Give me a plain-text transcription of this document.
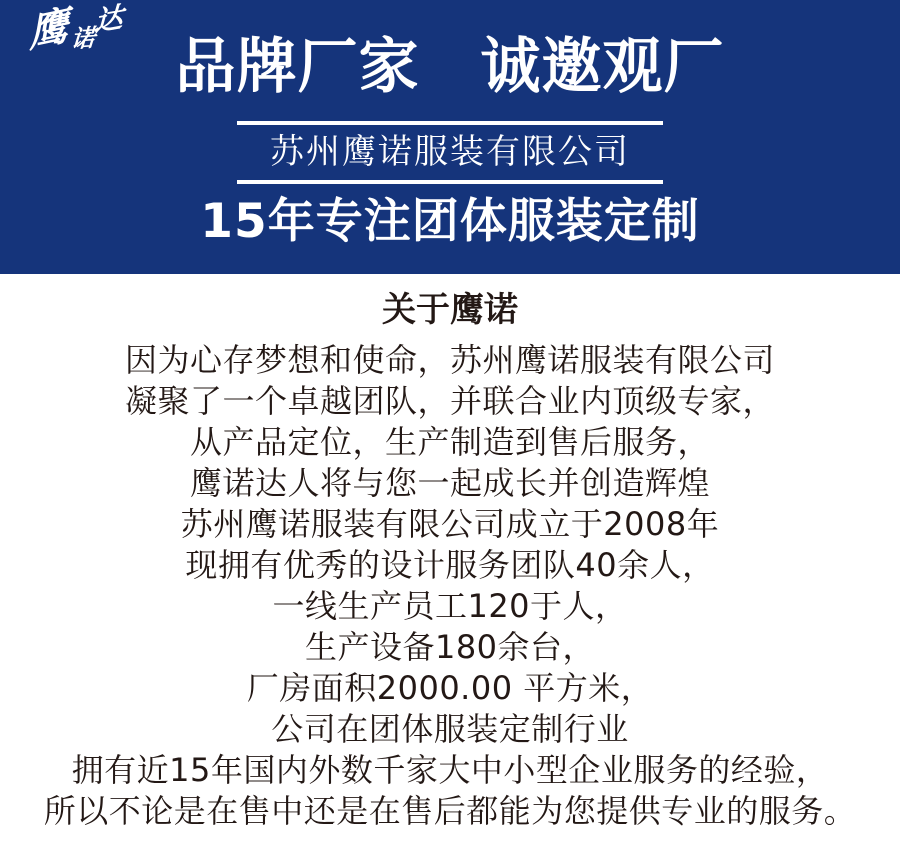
鹰诺达
品牌厂家　诚邀观厂
苏州鹰诺服装有限公司
15年专注团体服装定制
关于鹰诺
因为心存梦想和使命，苏州鹰诺服装有限公司
凝聚了一个卓越团队，并联合业内顶级专家，
从产品定位，生产制造到售后服务，
鹰诺达人将与您一起成长并创造辉煌
苏州鹰诺服装有限公司成立于2008年
现拥有优秀的设计服务团队40余人，
一线生产员工120于人，
生产设备180余台，
厂房面积2000.00 平方米，
公司在团体服装定制行业
拥有近15年国内外数千家大中小型企业服务的经验，
所以不论是在售中还是在售后都能为您提供专业的服务。
